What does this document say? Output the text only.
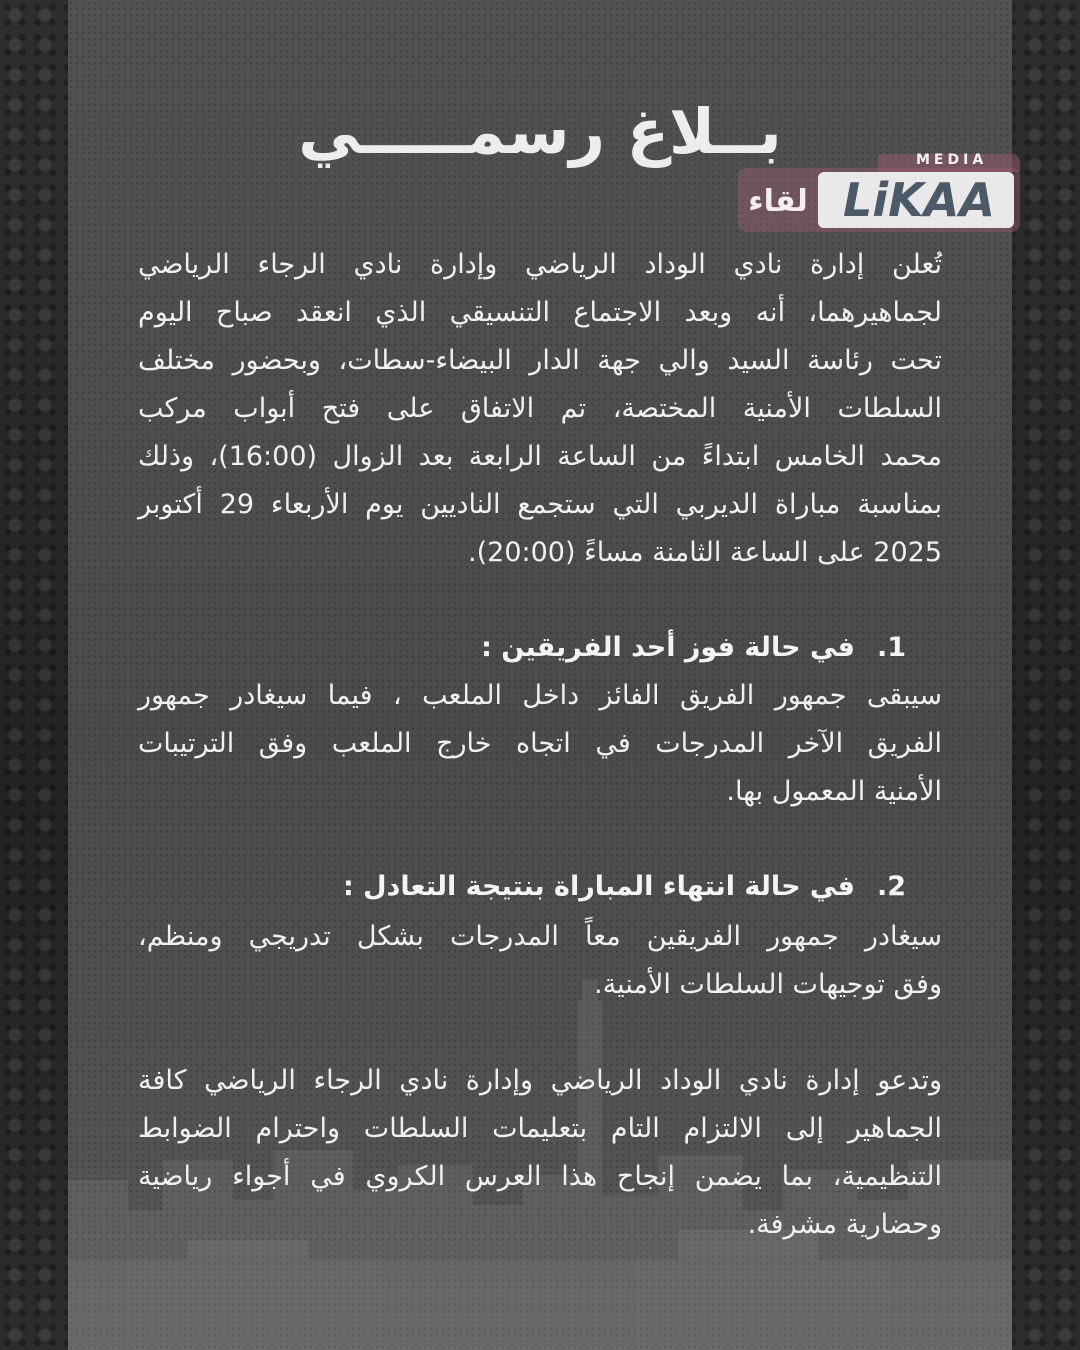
بــلاغ رسمـــــي	MEDIA
LiKAA
لقاء
تُعلن إدارة نادي الوداد الرياضي وإدارة نادي الرجاء الرياضي
لجماهيرهما، أنه وبعد الاجتماع التنسيقي الذي انعقد صباح اليوم
تحت رئاسة السيد والي جهة الدار البيضاء-سطات، وبحضور مختلف
السلطات الأمنية المختصة، تم الاتفاق على فتح أبواب مركب
محمد الخامس ابتداءً من الساعة الرابعة بعد الزوال (16:00)، وذلك
بمناسبة مباراة الديربي التي ستجمع الناديين يوم الأربعاء 29 أكتوبر
2025 على الساعة الثامنة مساءً (20:00).
1.في حالة فوز أحد الفريقين :
سيبقى جمهور الفريق الفائز داخل الملعب ، فيما سيغادر جمهور
الفريق الآخر المدرجات في اتجاه خارج الملعب وفق الترتيبات
الأمنية المعمول بها.
2.في حالة انتهاء المباراة بنتيجة التعادل :
سيغادر جمهور الفريقين معاً المدرجات بشكل تدريجي ومنظم،
وفق توجيهات السلطات الأمنية.
وتدعو إدارة نادي الوداد الرياضي وإدارة نادي الرجاء الرياضي كافة
الجماهير إلى الالتزام التام بتعليمات السلطات واحترام الضوابط
التنظيمية، بما يضمن إنجاح هذا العرس الكروي في أجواء رياضية
وحضارية مشرفة.
